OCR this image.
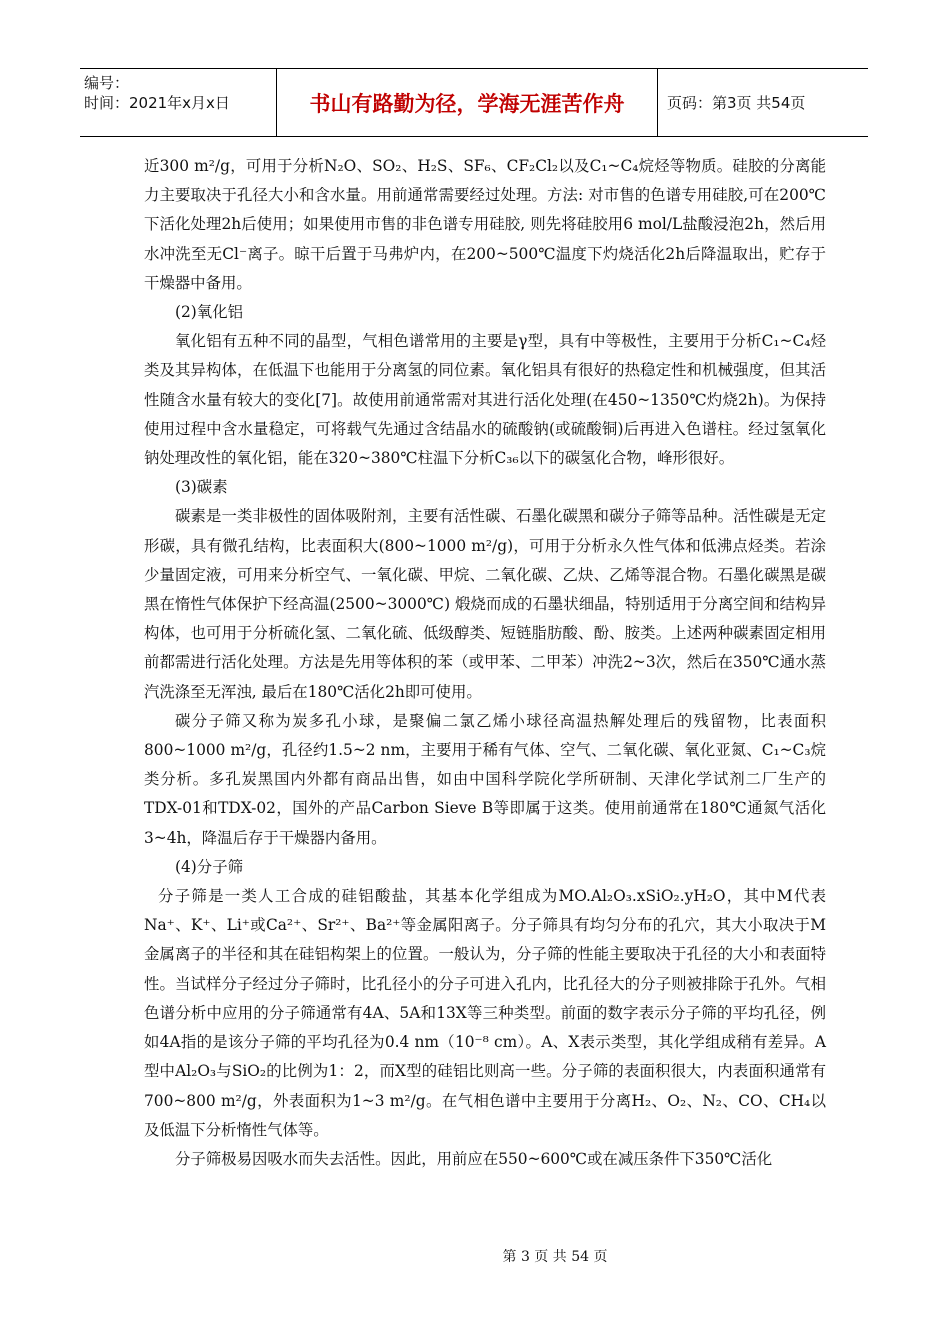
编号：
时间：2021年x月x日	书山有路勤为径，学海无涯苦作舟	页码：第3页 共54页

近300 m²/g，可用于分析N₂O、SO₂、H₂S、SF₆、CF₂Cl₂以及C₁~C₄烷烃等物质。硅胶的分离能力主要取决于孔径大小和含水量。用前通常需要经过处理。方法: 对市售的色谱专用硅胶,可在200℃下活化处理2h后使用；如果使用市售的非色谱专用硅胶, 则先将硅胶用6 mol/L盐酸浸泡2h，然后用水冲洗至无Cl⁻离子。晾干后置于马弗炉内，在200~500℃温度下灼烧活化2h后降温取出，贮存于干燥器中备用。

(2)氧化铝

氧化铝有五种不同的晶型，气相色谱常用的主要是γ型，具有中等极性，主要用于分析C₁~C₄烃类及其异构体，在低温下也能用于分离氢的同位素。氧化铝具有很好的热稳定性和机械强度，但其活性随含水量有较大的变化[7]。故使用前通常需对其进行活化处理(在450~1350℃灼烧2h)。为保持使用过程中含水量稳定，可将载气先通过含结晶水的硫酸钠(或硫酸铜)后再进入色谱柱。经过氢氧化钠处理改性的氧化铝，能在320~380℃柱温下分析C₃₆以下的碳氢化合物，峰形很好。

(3)碳素

碳素是一类非极性的固体吸附剂，主要有活性碳、石墨化碳黑和碳分子筛等品种。活性碳是无定形碳，具有微孔结构，比表面积大(800~1000 m²/g)，可用于分析永久性气体和低沸点烃类。若涂少量固定液，可用来分析空气、一氧化碳、甲烷、二氧化碳、乙炔、乙烯等混合物。石墨化碳黑是碳黑在惰性气体保护下经高温(2500~3000℃) 煅烧而成的石墨状细晶，特别适用于分离空间和结构异构体，也可用于分析硫化氢、二氧化硫、低级醇类、短链脂肪酸、酚、胺类。上述两种碳素固定相用前都需进行活化处理。方法是先用等体积的苯（或甲苯、二甲苯）冲洗2~3次，然后在350℃通水蒸汽洗涤至无浑浊, 最后在180℃活化2h即可使用。

碳分子筛又称为炭多孔小球，是聚偏二氯乙烯小球径高温热解处理后的残留物，比表面积800~1000 m²/g，孔径约1.5~2 nm，主要用于稀有气体、空气、二氧化碳、氧化亚氮、C₁~C₃烷类分析。多孔炭黑国内外都有商品出售，如由中国科学院化学所研制、天津化学试剂二厂生产的TDX-01和TDX-02，国外的产品Carbon Sieve B等即属于这类。使用前通常在180℃通氮气活化3~4h，降温后存于干燥器内备用。

(4)分子筛

分子筛是一类人工合成的硅铝酸盐，其基本化学组成为MO.Al₂O₃.xSiO₂.yH₂O，其中M代表Na⁺、K⁺、Li⁺或Ca²⁺、Sr²⁺、Ba²⁺等金属阳离子。分子筛具有均匀分布的孔穴，其大小取决于M金属离子的半径和其在硅铝构架上的位置。一般认为，分子筛的性能主要取决于孔径的大小和表面特性。当试样分子经过分子筛时，比孔径小的分子可进入孔内，比孔径大的分子则被排除于孔外。气相色谱分析中应用的分子筛通常有4A、5A和13X等三种类型。前面的数字表示分子筛的平均孔径，例如4A指的是该分子筛的平均孔径为0.4 nm（10⁻⁸ cm）。A、X表示类型，其化学组成稍有差异。A型中Al₂O₃与SiO₂的比例为1：2，而X型的硅铝比则高一些。分子筛的表面积很大，内表面积通常有700~800 m²/g，外表面积为1~3 m²/g。在气相色谱中主要用于分离H₂、O₂、N₂、CO、CH₄以及低温下分析惰性气体等。

分子筛极易因吸水而失去活性。因此，用前应在550~600℃或在减压条件下350℃活化

第 3 页 共 54 页
